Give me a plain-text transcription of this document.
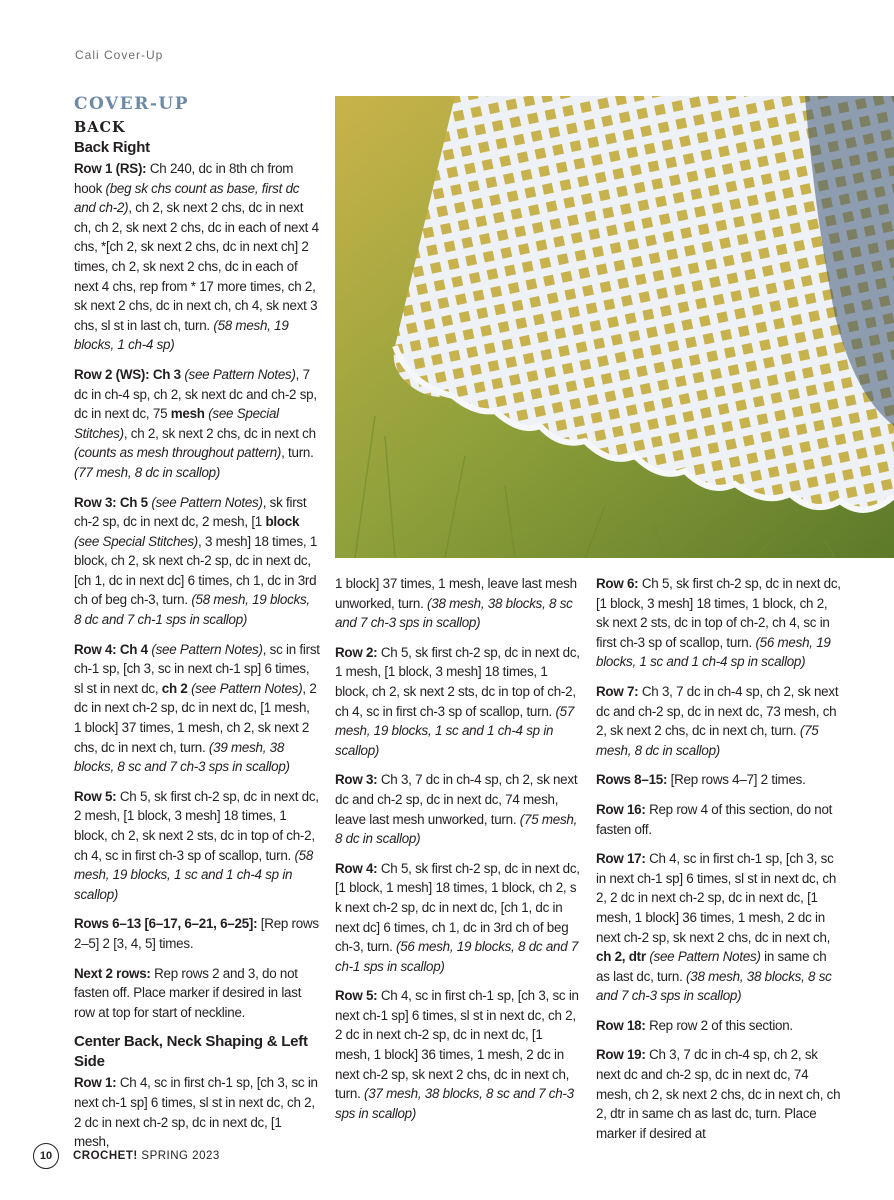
Cali Cover-Up
COVER-UP
BACK
Back Right
Row 1 (RS): Ch 240, dc in 8th ch from hook (beg sk chs count as base, first dc and ch-2), ch 2, sk next 2 chs, dc in next ch, ch 2, sk next 2 chs, dc in each of next 4 chs, *[ch 2, sk next 2 chs, dc in next ch] 2 times, ch 2, sk next 2 chs, dc in each of next 4 chs, rep from * 17 more times, ch 2, sk next 2 chs, dc in next ch, ch 4, sk next 3 chs, sl st in last ch, turn. (58 mesh, 19 blocks, 1 ch-4 sp)
Row 2 (WS): Ch 3 (see Pattern Notes), 7 dc in ch-4 sp, ch 2, sk next dc and ch-2 sp, dc in next dc, 75 mesh (see Special Stitches), ch 2, sk next 2 chs, dc in next ch (counts as mesh throughout pattern), turn. (77 mesh, 8 dc in scallop)
Row 3: Ch 5 (see Pattern Notes), sk first ch-2 sp, dc in next dc, 2 mesh, [1 block (see Special Stitches), 3 mesh] 18 times, 1 block, ch 2, sk next ch-2 sp, dc in next dc, [ch 1, dc in next dc] 6 times, ch 1, dc in 3rd ch of beg ch-3, turn. (58 mesh, 19 blocks, 8 dc and 7 ch-1 sps in scallop)
Row 4: Ch 4 (see Pattern Notes), sc in first ch-1 sp, [ch 3, sc in next ch-1 sp] 6 times, sl st in next dc, ch 2 (see Pattern Notes), 2 dc in next ch-2 sp, dc in next dc, [1 mesh, 1 block] 37 times, 1 mesh, ch 2, sk next 2 chs, dc in next ch, turn. (39 mesh, 38 blocks, 8 sc and 7 ch-3 sps in scallop)
Row 5: Ch 5, sk first ch-2 sp, dc in next dc, 2 mesh, [1 block, 3 mesh] 18 times, 1 block, ch 2, sk next 2 sts, dc in top of ch-2, ch 4, sc in first ch-3 sp of scallop, turn. (58 mesh, 19 blocks, 1 sc and 1 ch-4 sp in scallop)
Rows 6–13 [6–17, 6–21, 6–25]: [Rep rows 2–5] 2 [3, 4, 5] times.
Next 2 rows: Rep rows 2 and 3, do not fasten off. Place marker if desired in last row at top for start of neckline.
Center Back, Neck Shaping & Left Side
Row 1: Ch 4, sc in first ch-1 sp, [ch 3, sc in next ch-1 sp] 6 times, sl st in next dc, ch 2, 2 dc in next ch-2 sp, dc in next dc, [1 mesh,
1 block] 37 times, 1 mesh, leave last mesh unworked, turn. (38 mesh, 38 blocks, 8 sc and 7 ch-3 sps in scallop)
Row 2: Ch 5, sk first ch-2 sp, dc in next dc, 1 mesh, [1 block, 3 mesh] 18 times, 1 block, ch 2, sk next 2 sts, dc in top of ch-2, ch 4, sc in first ch-3 sp of scallop, turn. (57 mesh, 19 blocks, 1 sc and 1 ch-4 sp in scallop)
Row 3: Ch 3, 7 dc in ch-4 sp, ch 2, sk next dc and ch-2 sp, dc in next dc, 74 mesh, leave last mesh unworked, turn. (75 mesh, 8 dc in scallop)
Row 4: Ch 5, sk first ch-2 sp, dc in next dc, [1 block, 1 mesh] 18 times, 1 block, ch 2, s k next ch-2 sp, dc in next dc, [ch 1, dc in next dc] 6 times, ch 1, dc in 3rd ch of beg ch-3, turn. (56 mesh, 19 blocks, 8 dc and 7 ch-1 sps in scallop)
Row 5: Ch 4, sc in first ch-1 sp, [ch 3, sc in next ch-1 sp] 6 times, sl st in next dc, ch 2, 2 dc in next ch-2 sp, dc in next dc, [1 mesh, 1 block] 36 times, 1 mesh, 2 dc in next ch-2 sp, sk next 2 chs, dc in next ch, turn. (37 mesh, 38 blocks, 8 sc and 7 ch-3 sps in scallop)
Row 6: Ch 5, sk first ch-2 sp, dc in next dc, [1 block, 3 mesh] 18 times, 1 block, ch 2, sk next 2 sts, dc in top of ch-2, ch 4, sc in first ch-3 sp of scallop, turn. (56 mesh, 19 blocks, 1 sc and 1 ch-4 sp in scallop)
Row 7: Ch 3, 7 dc in ch-4 sp, ch 2, sk next dc and ch-2 sp, dc in next dc, 73 mesh, ch 2, sk next 2 chs, dc in next ch, turn. (75 mesh, 8 dc in scallop)
Rows 8–15: [Rep rows 4–7] 2 times.
Row 16: Rep row 4 of this section, do not fasten off.
Row 17: Ch 4, sc in first ch-1 sp, [ch 3, sc in next ch-1 sp] 6 times, sl st in next dc, ch 2, 2 dc in next ch-2 sp, dc in next dc, [1 mesh, 1 block] 36 times, 1 mesh, 2 dc in next ch-2 sp, sk next 2 chs, dc in next ch, ch 2, dtr (see Pattern Notes) in same ch as last dc, turn. (38 mesh, 38 blocks, 8 sc and 7 ch-3 sps in scallop)
Row 18: Rep row 2 of this section.
Row 19: Ch 3, 7 dc in ch-4 sp, ch 2, sk next dc and ch-2 sp, dc in next dc, 74 mesh, ch 2, sk next 2 chs, dc in next ch, ch 2, dtr in same ch as last dc, turn. Place marker if desired at
10	CROCHET! SPRING 2023
